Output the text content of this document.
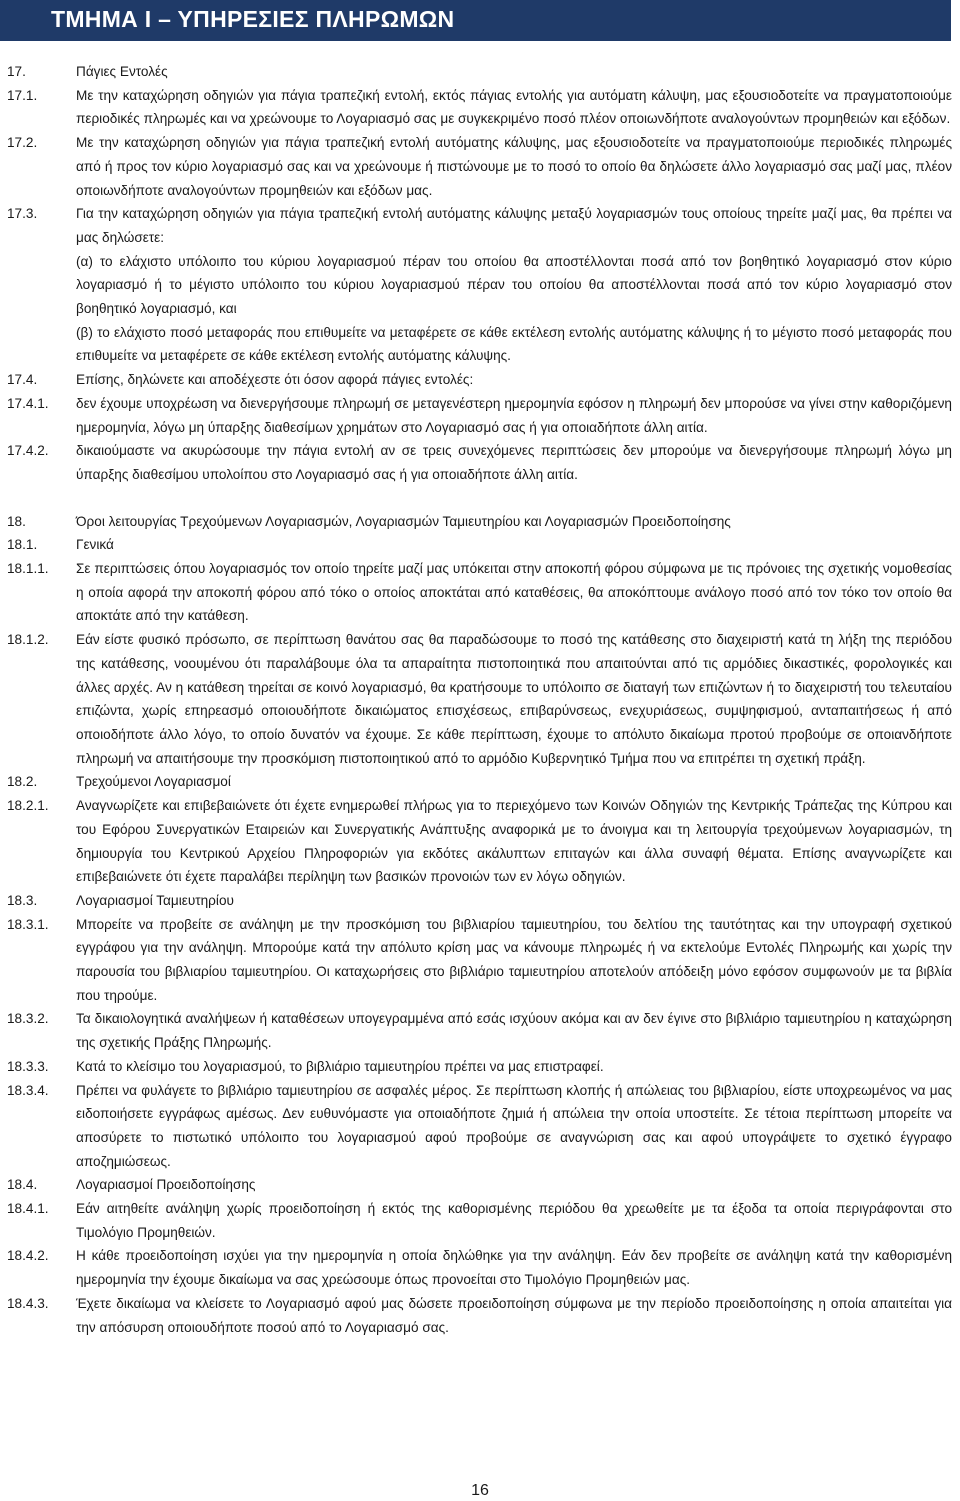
ΤΜΗΜΑ Ι – ΥΠΗΡΕΣΙΕΣ ΠΛΗΡΩΜΩΝ
17.	Πάγιες Εντολές

17.1.	Με την καταχώρηση οδηγιών για πάγια τραπεζική εντολή, εκτός πάγιας εντολής για αυτόματη κάλυψη, μας εξουσιοδοτείτε να πραγματοποιούμε περιοδικές πληρωμές και να χρεώνουμε το Λογαριασμό σας με συγκεκριμένο ποσό πλέον οποιωνδήποτε αναλογούντων προμηθειών και εξόδων.

17.2.	Με την καταχώρηση οδηγιών για πάγια τραπεζική εντολή αυτόματης κάλυψης, μας εξουσιοδοτείτε να πραγματοποιούμε περιοδικές πληρωμές από ή προς τον κύριο λογαριασμό σας και να χρεώνουμε ή πιστώνουμε με το ποσό το οποίο θα δηλώσετε άλλο λογαριασμό σας μαζί μας, πλέον οποιωνδήποτε αναλογούντων προμηθειών και εξόδων μας.

17.3.	Για την καταχώρηση οδηγιών για πάγια τραπεζική εντολή αυτόματης κάλυψης μεταξύ λογαριασμών τους οποίους τηρείτε μαζί μας, θα πρέπει να μας δηλώσετε:

(α) το ελάχιστο υπόλοιπο του κύριου λογαριασμού πέραν του οποίου θα αποστέλλονται ποσά από τον βοηθητικό λογαριασμό στον κύριο λογαριασμό ή το μέγιστο υπόλοιπο του κύριου λογαριασμού πέραν του οποίου θα αποστέλλονται ποσά από τον κύριο λογαριασμό στον βοηθητικό λογαριασμό, και

(β) το ελάχιστο ποσό μεταφοράς που επιθυμείτε να μεταφέρετε σε κάθε εκτέλεση εντολής αυτόματης κάλυψης ή το μέγιστο ποσό μεταφοράς που επιθυμείτε να μεταφέρετε σε κάθε εκτέλεση εντολής αυτόματης κάλυψης.

17.4.	Επίσης, δηλώνετε και αποδέχεστε ότι όσον αφορά πάγιες εντολές:

17.4.1.	δεν έχουμε υποχρέωση να διενεργήσουμε πληρωμή σε μεταγενέστερη ημερομηνία εφόσον η πληρωμή δεν μπορούσε να γίνει στην καθοριζόμενη ημερομηνία, λόγω μη ύπαρξης διαθεσίμων χρημάτων στο Λογαριασμό σας ή για οποιαδήποτε άλλη αιτία.

17.4.2.	δικαιούμαστε να ακυρώσουμε την πάγια εντολή αν σε τρεις συνεχόμενες περιπτώσεις δεν μπορούμε να διενεργήσουμε πληρωμή λόγω μη ύπαρξης διαθεσίμου υπολοίπου στο Λογαριασμό σας ή για οποιαδήποτε άλλη αιτία.

18.	Όροι λειτουργίας Τρεχούμενων Λογαριασμών, Λογαριασμών Ταμιευτηρίου και Λογαριασμών Προειδοποίησης

18.1.	Γενικά

18.1.1.	Σε περιπτώσεις όπου λογαριασμός τον οποίο τηρείτε μαζί μας υπόκειται στην αποκοπή φόρου σύμφωνα με τις πρόνοιες της σχετικής νομοθεσίας η οποία αφορά την αποκοπή φόρου από τόκο ο οποίος αποκτάται από καταθέσεις, θα αποκόπτουμε ανάλογο ποσό από τον τόκο τον οποίο θα αποκτάτε από την κατάθεση.

18.1.2.	Εάν είστε φυσικό πρόσωπο, σε περίπτωση θανάτου σας θα παραδώσουμε το ποσό της κατάθεσης στο διαχειριστή κατά τη λήξη της περιόδου της κατάθεσης, νοουμένου ότι παραλάβουμε όλα τα απαραίτητα πιστοποιητικά που απαιτούνται από τις αρμόδιες δικαστικές, φορολογικές και άλλες αρχές. Αν η κατάθεση τηρείται σε κοινό λογαριασμό, θα κρατήσουμε το υπόλοιπο σε διαταγή των επιζώντων ή το διαχειριστή του τελευταίου επιζώντα, χωρίς επηρεασμό οποιουδήποτε δικαιώματος επισχέσεως, επιβαρύνσεως, ενεχυριάσεως, συμψηφισμού, ανταπαιτήσεως ή από οποιοδήποτε άλλο λόγο, το οποίο δυνατόν να έχουμε. Σε κάθε περίπτωση, έχουμε το απόλυτο δικαίωμα προτού προβούμε σε οποιανδήποτε πληρωμή να απαιτήσουμε την προσκόμιση πιστοποιητικού από το αρμόδιο Κυβερνητικό Τμήμα που να επιτρέπει τη σχετική πράξη.

18.2.	Τρεχούμενοι Λογαριασμοί

18.2.1.	Αναγνωρίζετε και επιβεβαιώνετε ότι έχετε ενημερωθεί πλήρως για το περιεχόμενο των Κοινών Οδηγιών της Κεντρικής Τράπεζας της Κύπρου και του Εφόρου Συνεργατικών Εταιρειών και Συνεργατικής Ανάπτυξης αναφορικά με το άνοιγμα και τη λειτουργία τρεχούμενων λογαριασμών, τη δημιουργία του Κεντρικού Αρχείου Πληροφοριών για εκδότες ακάλυπτων επιταγών και άλλα συναφή θέματα. Επίσης αναγνωρίζετε και επιβεβαιώνετε ότι έχετε παραλάβει περίληψη των βασικών προνοιών των εν λόγω οδηγιών.

18.3.	Λογαριασμοί Ταμιευτηρίου

18.3.1.	Μπορείτε να προβείτε σε ανάληψη με την προσκόμιση του βιβλιαρίου ταμιευτηρίου, του δελτίου της ταυτότητας και την υπογραφή σχετικού εγγράφου για την ανάληψη. Μπορούμε κατά την απόλυτο κρίση μας να κάνουμε πληρωμές ή να εκτελούμε Εντολές Πληρωμής και χωρίς την παρουσία του βιβλιαρίου ταμιευτηρίου. Οι καταχωρήσεις στο βιβλιάριο ταμιευτηρίου αποτελούν απόδειξη μόνο εφόσον συμφωνούν με τα βιβλία που τηρούμε.

18.3.2.	Τα δικαιολογητικά αναλήψεων ή καταθέσεων υπογεγραμμένα από εσάς ισχύουν ακόμα και αν δεν έγινε στο βιβλιάριο ταμιευτηρίου η καταχώρηση της σχετικής Πράξης Πληρωμής.

18.3.3.	Κατά το κλείσιμο του λογαριασμού, το βιβλιάριο ταμιευτηρίου πρέπει να μας επιστραφεί.

18.3.4.	Πρέπει να φυλάγετε το βιβλιάριο ταμιευτηρίου σε ασφαλές μέρος. Σε περίπτωση κλοπής ή απώλειας του βιβλιαρίου, είστε υποχρεωμένος να μας ειδοποιήσετε εγγράφως αμέσως. Δεν ευθυνόμαστε για οποιαδήποτε ζημιά ή απώλεια την οποία υποστείτε. Σε τέτοια περίπτωση μπορείτε να αποσύρετε το πιστωτικό υπόλοιπο του λογαριασμού αφού προβούμε σε αναγνώριση σας και αφού υπογράψετε το σχετικό έγγραφο αποζημιώσεως.

18.4.	Λογαριασμοί Προειδοποίησης

18.4.1.	Εάν αιτηθείτε ανάληψη χωρίς προειδοποίηση ή εκτός της καθορισμένης περιόδου θα χρεωθείτε με τα έξοδα τα οποία περιγράφονται στο Τιμολόγιο Προμηθειών.

18.4.2.	Η κάθε προειδοποίηση ισχύει για την ημερομηνία η οποία δηλώθηκε για την ανάληψη. Εάν δεν προβείτε σε ανάληψη κατά την καθορισμένη ημερομηνία την έχουμε δικαίωμα να σας χρεώσουμε όπως προνοείται στο Τιμολόγιο Προμηθειών μας.

18.4.3.	Έχετε δικαίωμα να κλείσετε το Λογαριασμό αφού μας δώσετε προειδοποίηση σύμφωνα με την περίοδο προειδοποίησης η οποία απαιτείται για την απόσυρση οποιουδήποτε ποσού από το Λογαριασμό σας.

16
